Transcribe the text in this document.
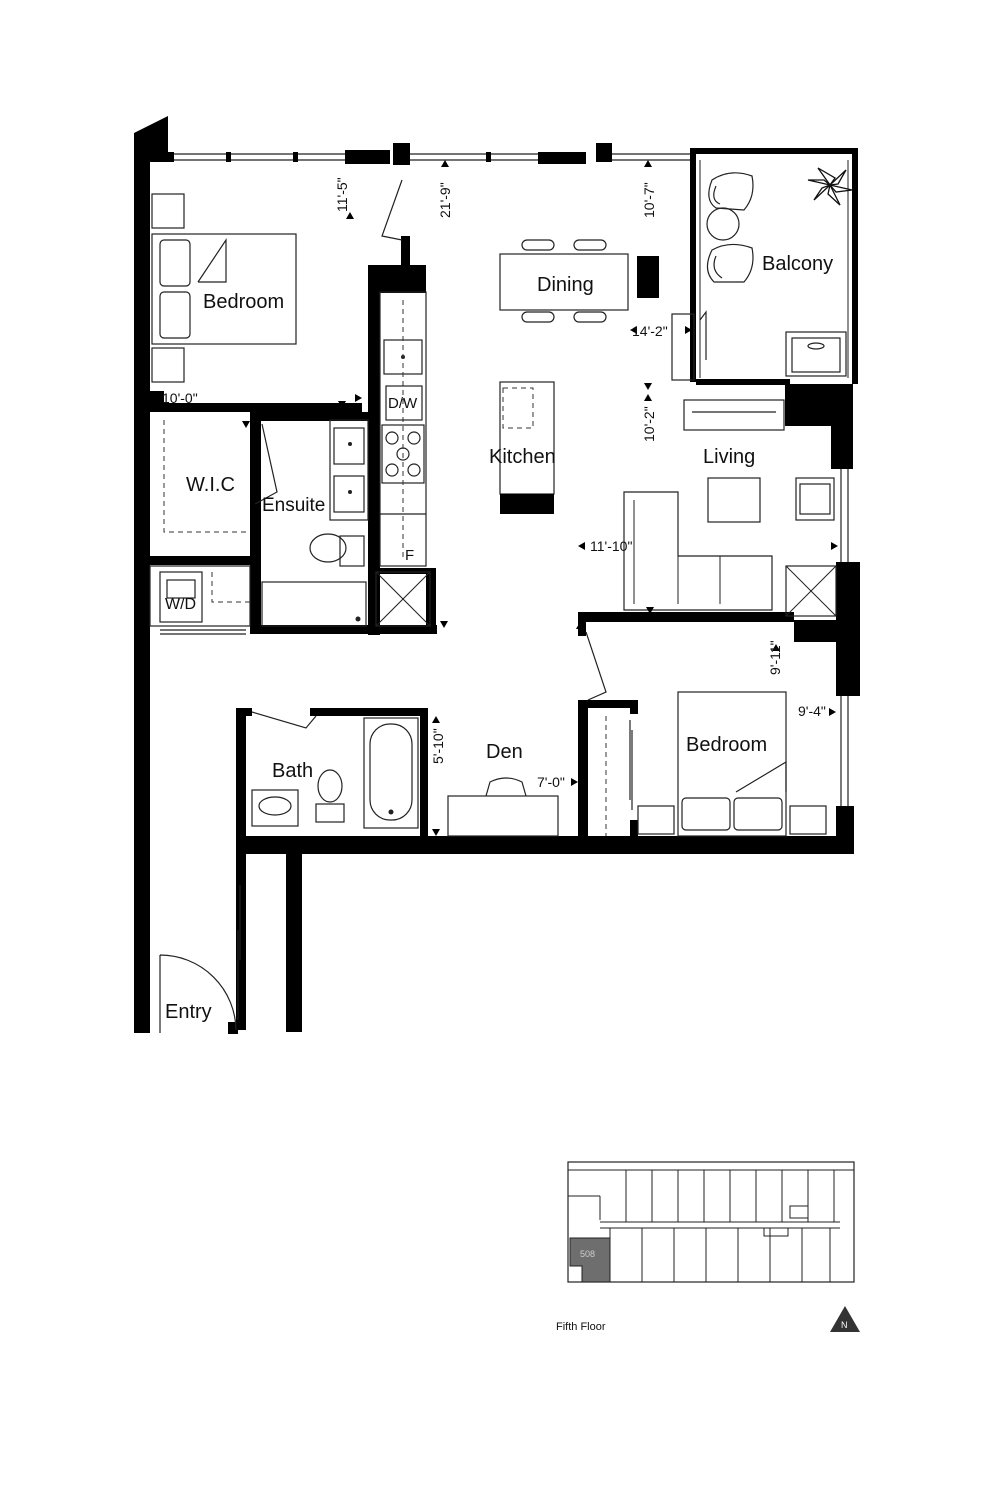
Bedroom
W.I.C
Ensuite
W/D
Dining
Kitchen
D/W
F
Balcony
Living
Bedroom
Den
Bath
Entry
11'-5"
10'-0"
21'-9"	10'-7"
14'-2"
10'-2"
11'-10"
9'-11"
9'-4"
5'-10"
7'-0"
508
Fifth Floor	N
